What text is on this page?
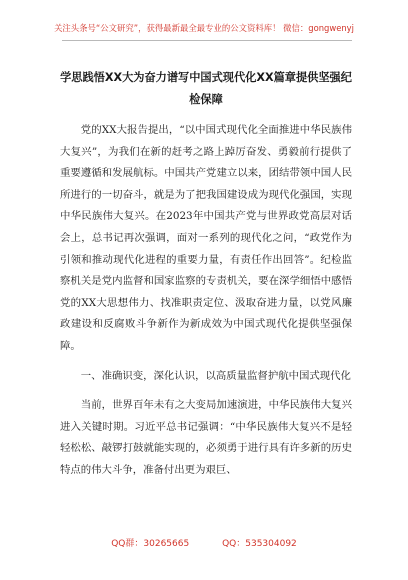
关注头条号“公文研究”，获得最新最全最专业的公文资料库！ 微信：gongwenyj
学思践悟XX大为奋力谱写中国式现代化XX篇章提供坚强纪检保障

党的XX大报告提出，“以中国式现代化全面推进中华民族伟大复兴”，为我们在新的赶考之路上踔厉奋发、勇毅前行提供了重要遵循和发展航标。中国共产党建立以来，团结带领中国人民所进行的一切奋斗，就是为了把我国建设成为现代化强国，实现中华民族伟大复兴。在2023年中国共产党与世界政党高层对话会上，总书记再次强调，面对一系列的现代化之问，“政党作为引领和推动现代化进程的重要力量，有责任作出回答”。纪检监察机关是党内监督和国家监察的专责机关，要在深学细悟中感悟党的XX大思想伟力、找准职责定位、汲取奋进力量，以党风廉政建设和反腐败斗争新作为新成效为中国式现代化提供坚强保障。

一、准确识变，深化认识，以高质量监督护航中国式现代化

当前，世界百年未有之大变局加速演进，中华民族伟大复兴进入关键时期。习近平总书记强调：“中华民族伟大复兴不是轻轻松松、敲锣打鼓就能实现的，必须勇于进行具有许多新的历史特点的伟大斗争，准备付出更为艰巨、

QQ群：30265665	QQ：535304092
